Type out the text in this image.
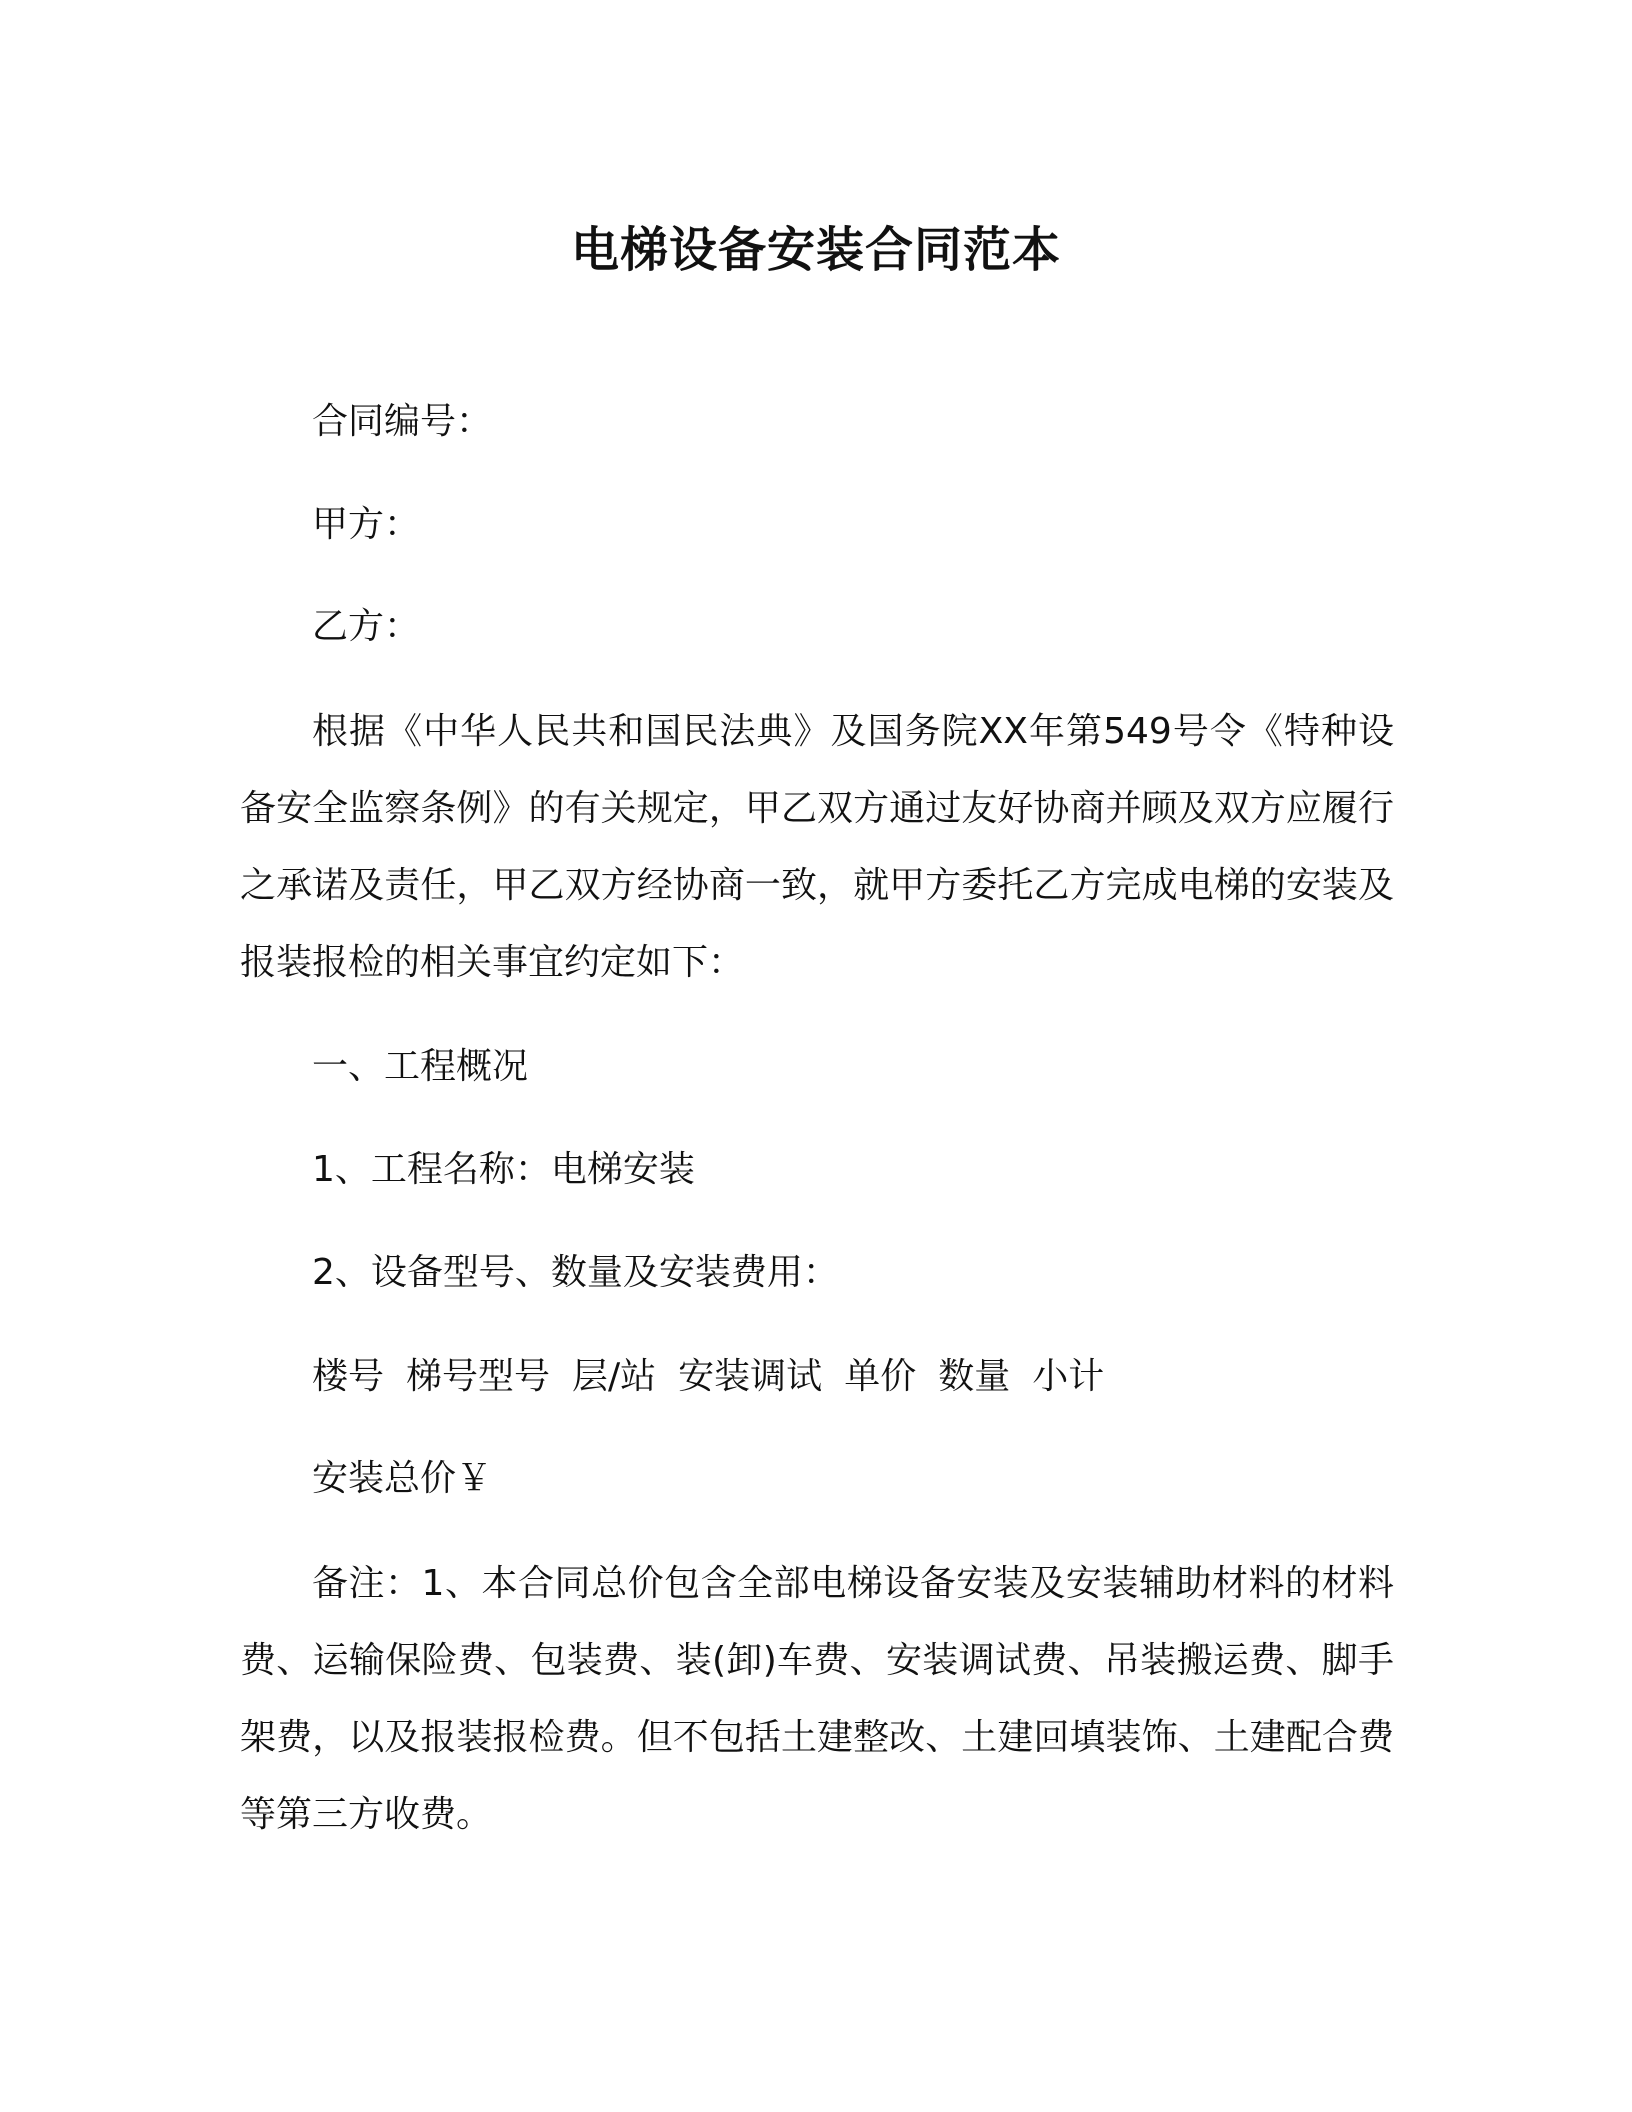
电梯设备安装合同范本
合同编号：
甲方：
乙方：
根据《中华人民共和国民法典》及国务院XX年第549号令《特种设备安全监察条例》的有关规定，甲乙双方通过友好协商并顾及双方应履行之承诺及责任，甲乙双方经协商一致，就甲方委托乙方完成电梯的安装及报装报检的相关事宜约定如下：
一、工程概况
1、工程名称：电梯安装
2、设备型号、数量及安装费用：
楼号 梯号型号 层/站 安装调试 单价 数量 小计
安装总价￥
备注：1、本合同总价包含全部电梯设备安装及安装辅助材料的材料费、运输保险费、包装费、装(卸)车费、安装调试费、吊装搬运费、脚手架费，以及报装报检费。但不包括土建整改、土建回填装饰、土建配合费等第三方收费。
